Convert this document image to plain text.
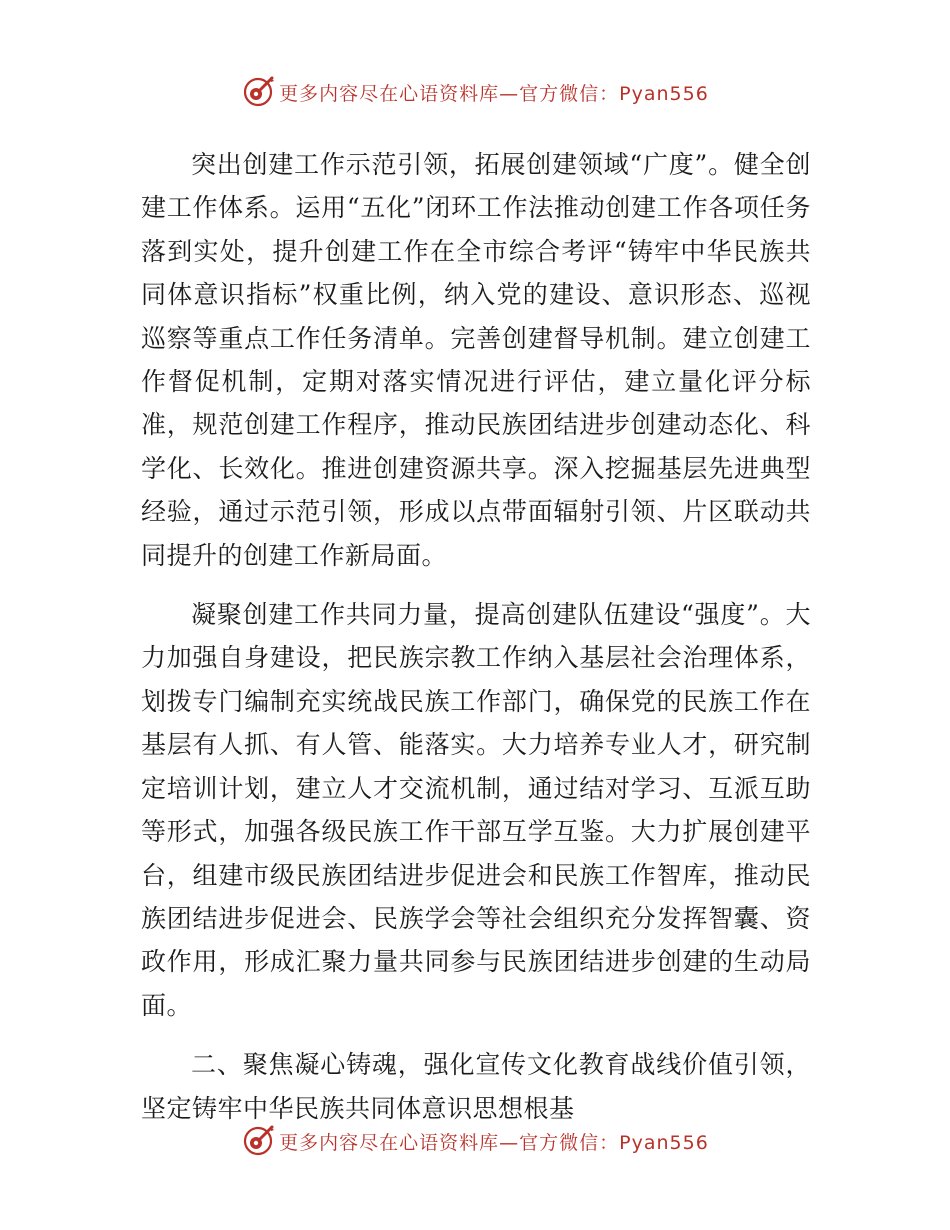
更多内容尽在心语资料库—官方微信：Pyan556

突出创建工作示范引领，拓展创建领域“广度”。健全创建工作体系。运用“五化”闭环工作法推动创建工作各项任务落到实处，提升创建工作在全市综合考评“铸牢中华民族共同体意识指标”权重比例，纳入党的建设、意识形态、巡视巡察等重点工作任务清单。完善创建督导机制。建立创建工作督促机制，定期对落实情况进行评估，建立量化评分标准，规范创建工作程序，推动民族团结进步创建动态化、科学化、长效化。推进创建资源共享。深入挖掘基层先进典型经验，通过示范引领，形成以点带面辐射引领、片区联动共同提升的创建工作新局面。

凝聚创建工作共同力量，提高创建队伍建设“强度”。大力加强自身建设，把民族宗教工作纳入基层社会治理体系，划拨专门编制充实统战民族工作部门，确保党的民族工作在基层有人抓、有人管、能落实。大力培养专业人才，研究制定培训计划，建立人才交流机制，通过结对学习、互派互助等形式，加强各级民族工作干部互学互鉴。大力扩展创建平台，组建市级民族团结进步促进会和民族工作智库，推动民族团结进步促进会、民族学会等社会组织充分发挥智囊、资政作用，形成汇聚力量共同参与民族团结进步创建的生动局面。

二、聚焦凝心铸魂，强化宣传文化教育战线价值引领，坚定铸牢中华民族共同体意识思想根基

更多内容尽在心语资料库—官方微信：Pyan556
